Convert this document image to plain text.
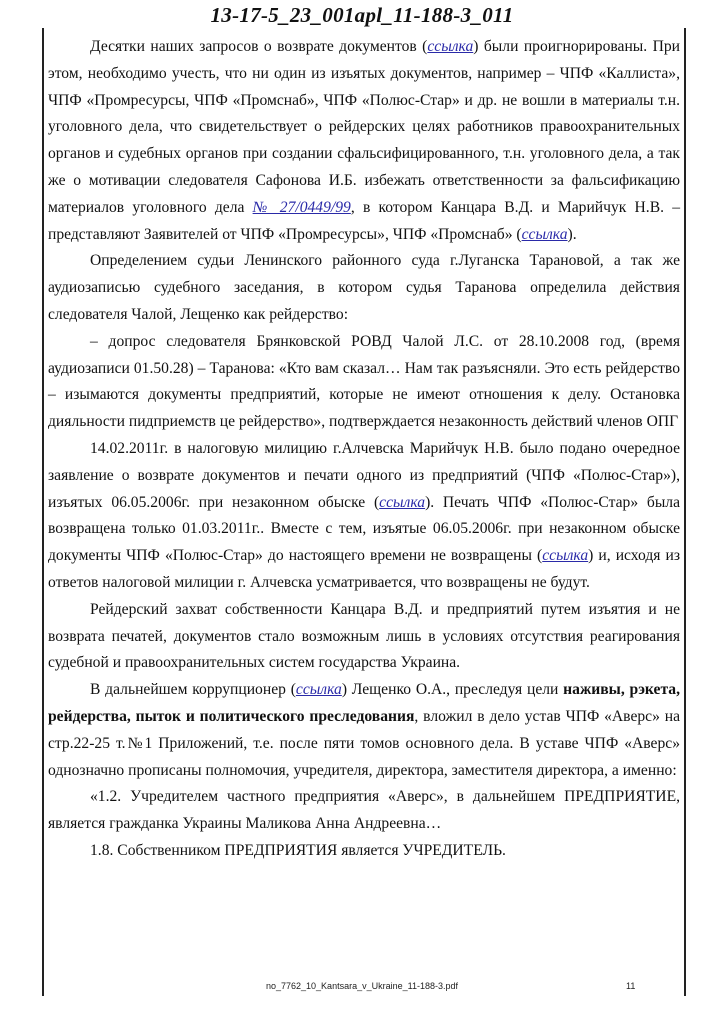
13-17-5_23_001apl_11-188-3_011

Десятки наших запросов о возврате документов (ссылка) были проигнорированы. При этом, необходимо учесть, что ни один из изъятых документов, например – ЧПФ «Каллиста», ЧПФ «Промресурсы, ЧПФ «Промснаб», ЧПФ «Полюс-Стар» и др. не вошли в материалы т.н. уголовного дела, что свидетельствует о рейдерских целях работников правоохранительных органов и судебных органов при создании сфальсифицированного, т.н. уголовного дела, а так же о мотивации следователя Сафонова И.Б. избежать ответственности за фальсификацию материалов уголовного дела № 27/0449/99, в котором Канцара В.Д. и Марийчук Н.В. – представляют Заявителей от ЧПФ «Промресурсы», ЧПФ «Промснаб» (ссылка).

Определением судьи Ленинского районного суда г.Луганска Тарановой, а так же аудиозаписью судебного заседания, в котором судья Таранова определила действия следователя Чалой, Лещенко как рейдерство:

– допрос следователя Брянковской РОВД Чалой Л.С. от 28.10.2008 год, (время аудиозаписи 01.50.28) – Таранова: «Кто вам сказал… Нам так разъясняли. Это есть рейдерство – изымаются документы предприятий, которые не имеют отношения к делу. Остановка дияльности пидприемств це рейдерство», подтверждается незаконность действий членов ОПГ

14.02.2011г. в налоговую милицию г.Алчевска Марийчук Н.В. было подано очередное заявление о возврате документов и печати одного из предприятий (ЧПФ «Полюс-Стар»), изъятых 06.05.2006г. при незаконном обыске (ссылка). Печать ЧПФ «Полюс-Стар» была возвращена только 01.03.2011г.. Вместе с тем, изъятые 06.05.2006г. при незаконном обыске документы ЧПФ «Полюс-Стар» до настоящего времени не возвращены (ссылка) и, исходя из ответов налоговой милиции г. Алчевска усматривается, что возвращены не будут.

Рейдерский захват собственности Канцара В.Д. и предприятий путем изъятия и не возврата печатей, документов стало возможным лишь в условиях отсутствия реагирования судебной и правоохранительных систем государства Украина.

В дальнейшем коррупционер (ссылка) Лещенко О.А., преследуя цели наживы, рэкета, рейдерства, пыток и политического преследования, вложил в дело устав ЧПФ «Аверс» на стр.22-25 т.№1 Приложений, т.е. после пяти томов основного дела. В уставе ЧПФ «Аверс» однозначно прописаны полномочия, учредителя, директора, заместителя директора, а именно:

«1.2. Учредителем частного предприятия «Аверс», в дальнейшем ПРЕДПРИЯТИЕ, является гражданка Украины Маликова Анна Андреевна…

1.8. Собственником ПРЕДПРИЯТИЯ является УЧРЕДИТЕЛЬ.

no_7762_10_Kantsara_v_Ukraine_11-188-3.pdf	11
